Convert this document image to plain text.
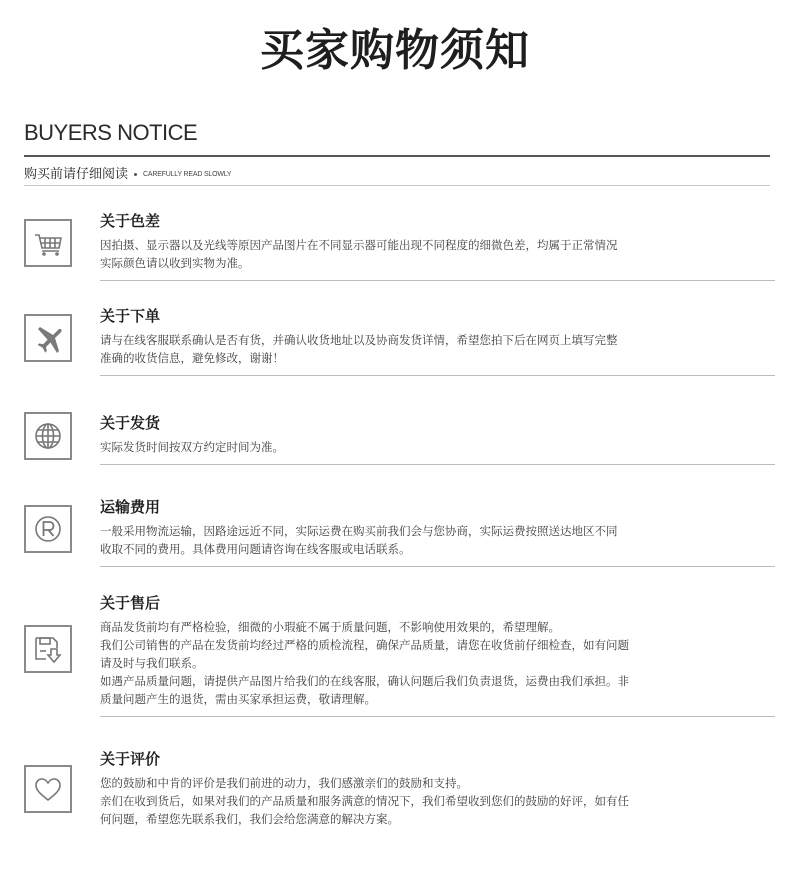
买家购物须知
BUYERS NOTICE
购买前请仔细阅读 CAREFULLY READ SLOWLY
关于色差
因拍摄、显示器以及光线等原因产品图片在不同显示器可能出现不同程度的细微色差，均属于正常情况
实际颜色请以收到实物为准。
关于下单
请与在线客服联系确认是否有货，并确认收货地址以及协商发货详情，希望您拍下后在网页上填写完整
准确的收货信息，避免修改，谢谢！
关于发货
实际发货时间按双方约定时间为准。
运输费用
一般采用物流运输，因路途远近不同，实际运费在购买前我们会与您协商，实际运费按照送达地区不同
收取不同的费用。具体费用问题请咨询在线客服或电话联系。
关于售后
商品发货前均有严格检验，细微的小瑕疵不属于质量问题，不影响使用效果的，希望理解。
我们公司销售的产品在发货前均经过严格的质检流程，确保产品质量，请您在收货前仔细检查，如有问题
请及时与我们联系。
如遇产品质量问题，请提供产品图片给我们的在线客服，确认问题后我们负责退货，运费由我们承担。非
质量问题产生的退货，需由买家承担运费，敬请理解。
关于评价
您的鼓励和中肯的评价是我们前进的动力，我们感激亲们的鼓励和支持。
亲们在收到货后，如果对我们的产品质量和服务满意的情况下，我们希望收到您们的鼓励的好评，如有任
何问题，希望您先联系我们，我们会给您满意的解决方案。
